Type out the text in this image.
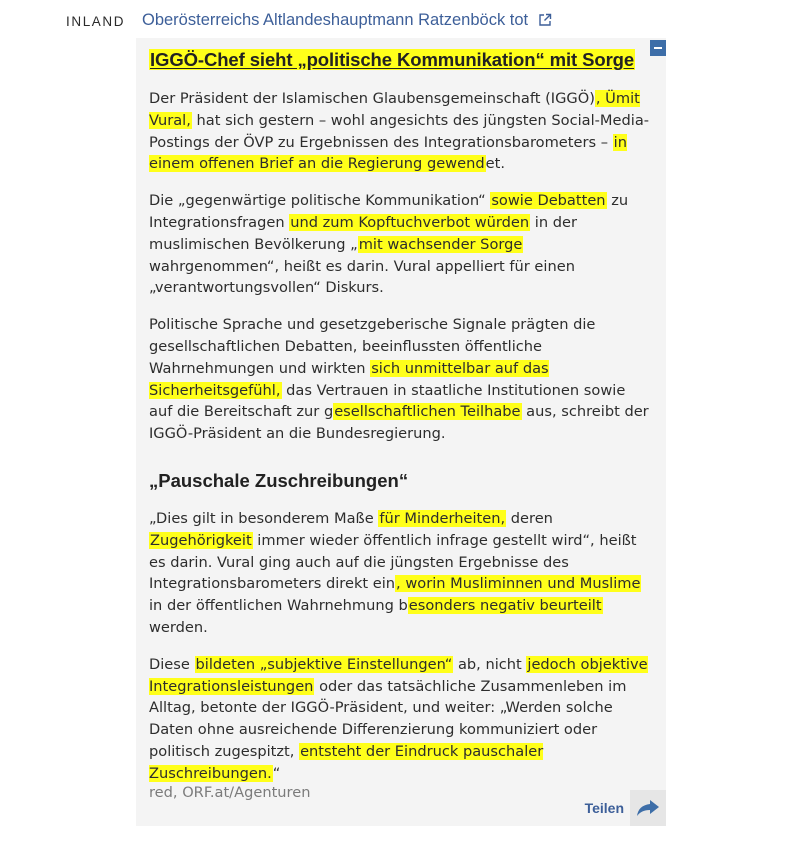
INLAND Oberösterreichs Altlandeshauptmann Ratzenböck tot
IGGÖ-Chef sieht „politische Kommunikation“ mit Sorge

Der Präsident der Islamischen Glaubensgemeinschaft (IGGÖ), Ümit Vural, hat sich gestern – wohl angesichts des jüngsten Social-Media-Postings der ÖVP zu Ergebnissen des Integrationsbarometers – in einem offenen Brief an die Regierung gewendet.

Die „gegenwärtige politische Kommunikation“ sowie Debatten zu Integrationsfragen und zum Kopftuchverbot würden in der muslimischen Bevölkerung „mit wachsender Sorge wahrgenommen“, heißt es darin. Vural appelliert für einen „verantwortungsvollen“ Diskurs.

Politische Sprache und gesetzgeberische Signale prägten die gesellschaftlichen Debatten, beeinflussten öffentliche Wahrnehmungen und wirkten sich unmittelbar auf das Sicherheitsgefühl, das Vertrauen in staatliche Institutionen sowie auf die Bereitschaft zur gesellschaftlichen Teilhabe aus, schreibt der IGGÖ-Präsident an die Bundesregierung.

„Pauschale Zuschreibungen“

„Dies gilt in besonderem Maße für Minderheiten, deren Zugehörigkeit immer wieder öffentlich infrage gestellt wird“, heißt es darin. Vural ging auch auf die jüngsten Ergebnisse des Integrationsbarometers direkt ein, worin Musliminnen und Muslime in der öffentlichen Wahrnehmung besonders negativ beurteilt werden.

Diese bildeten „subjektive Einstellungen“ ab, nicht jedoch objektive Integrationsleistungen oder das tatsächliche Zusammenleben im Alltag, betonte der IGGÖ-Präsident, und weiter: „Werden solche Daten ohne ausreichende Differenzierung kommuniziert oder politisch zugespitzt, entsteht der Eindruck pauschaler Zuschreibungen.“

red, ORF.at/Agenturen
Teilen
